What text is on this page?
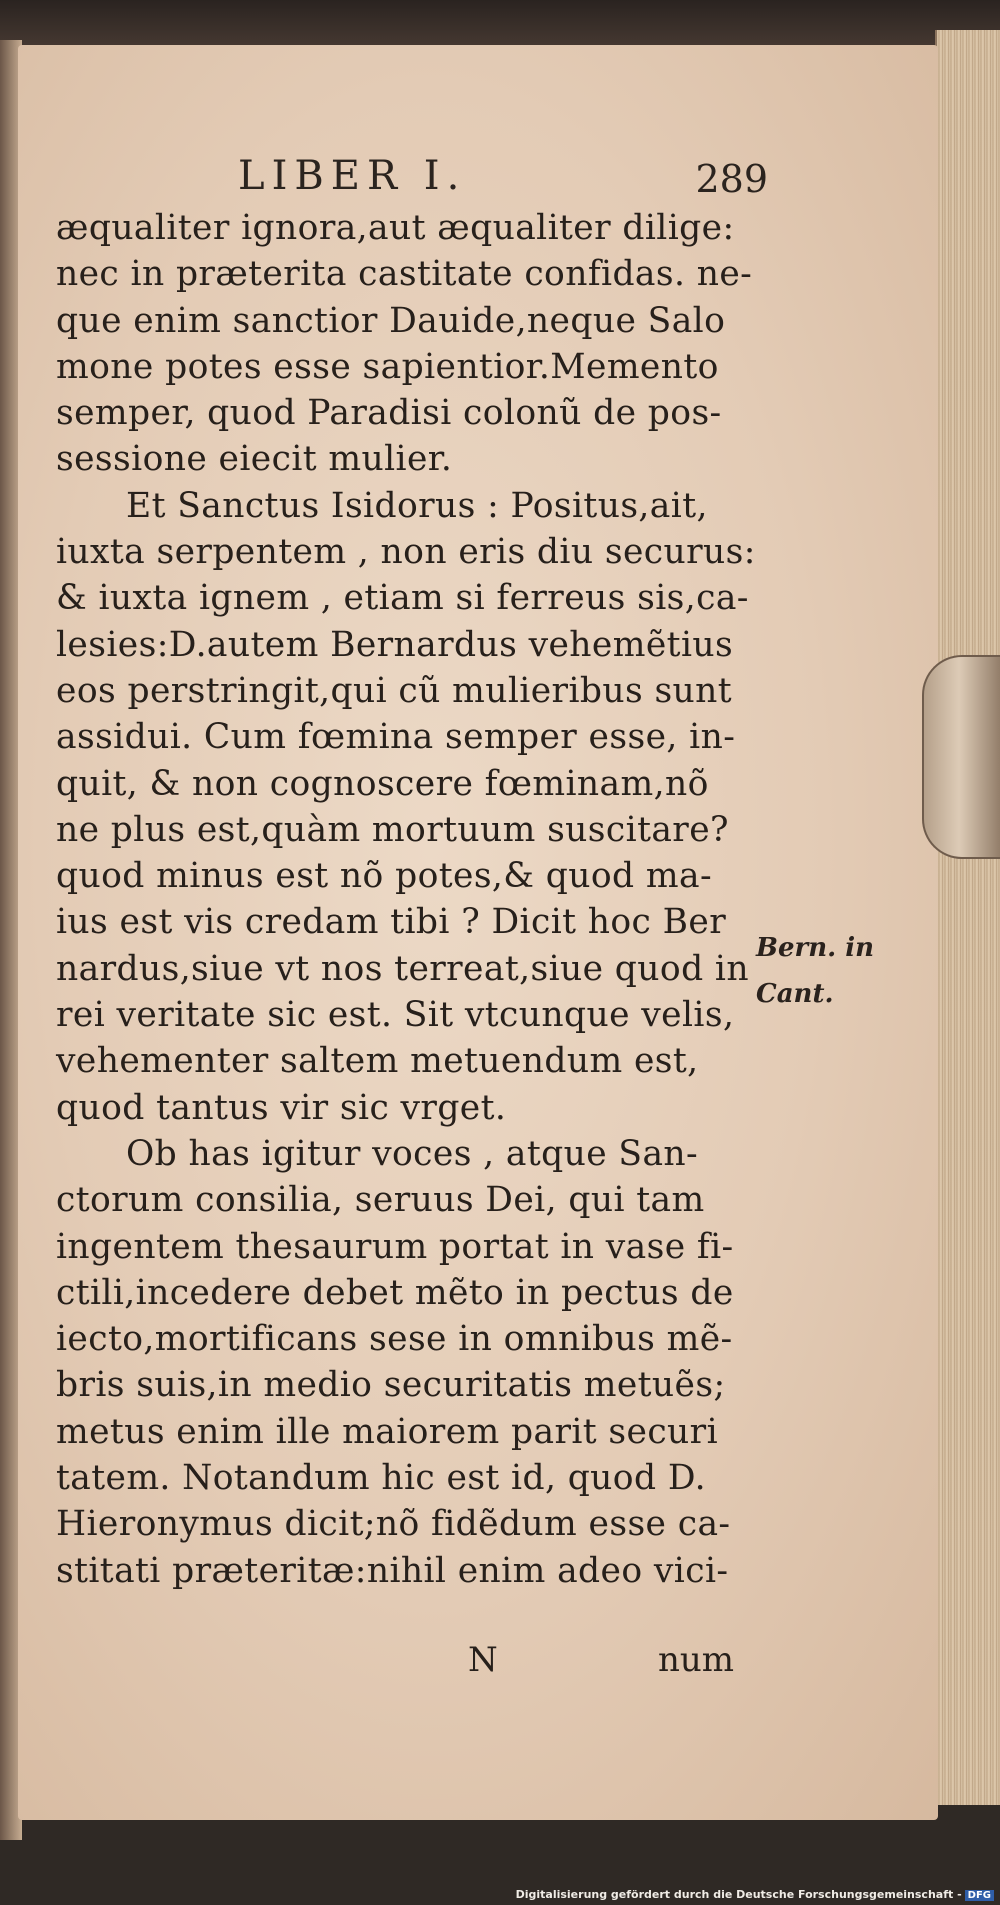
LIBER I.	289
æqualiter ignora,aut æqualiter dilige:
nec in præterita castitate confidas. ne-
que enim sanctior Dauide,neque Salo
mone potes esse sapientior.Memento
semper, quod Paradisi colonũ de pos-
sessione eiecit mulier.
Et Sanctus Isidorus : Positus,ait,
iuxta serpentem , non eris diu securus:
& iuxta ignem , etiam si ferreus sis,ca-
lesies:D.autem Bernardus vehemẽtius
eos perstringit,qui cũ mulieribus sunt
assidui. Cum fœmina semper esse, in-
quit, & non cognoscere fœminam,nõ
ne plus est,quàm mortuum suscitare?
quod minus est nõ potes,& quod ma-
ius est vis credam tibi ? Dicit hoc Ber
nardus,siue vt nos terreat,siue quod in
rei veritate sic est. Sit vtcunque velis,
vehementer saltem metuendum est,
quod tantus vir sic vrget.
Ob has igitur voces , atque San-
ctorum consilia, seruus Dei, qui tam
ingentem thesaurum portat in vase fi-
ctili,incedere debet mẽto in pectus de
iecto,mortificans sese in omnibus mẽ-
bris suis,in medio securitatis metuẽs;
metus enim ille maiorem parit securi
tatem. Notandum hic est id, quod D.
Hieronymus dicit;nõ fidẽdum esse ca-
stitati præteritæ:nihil enim adeo vici-
Bern. in
Cant.
N	num
Digitalisierung gefördert durch die Deutsche Forschungsgemeinschaft - DFG
